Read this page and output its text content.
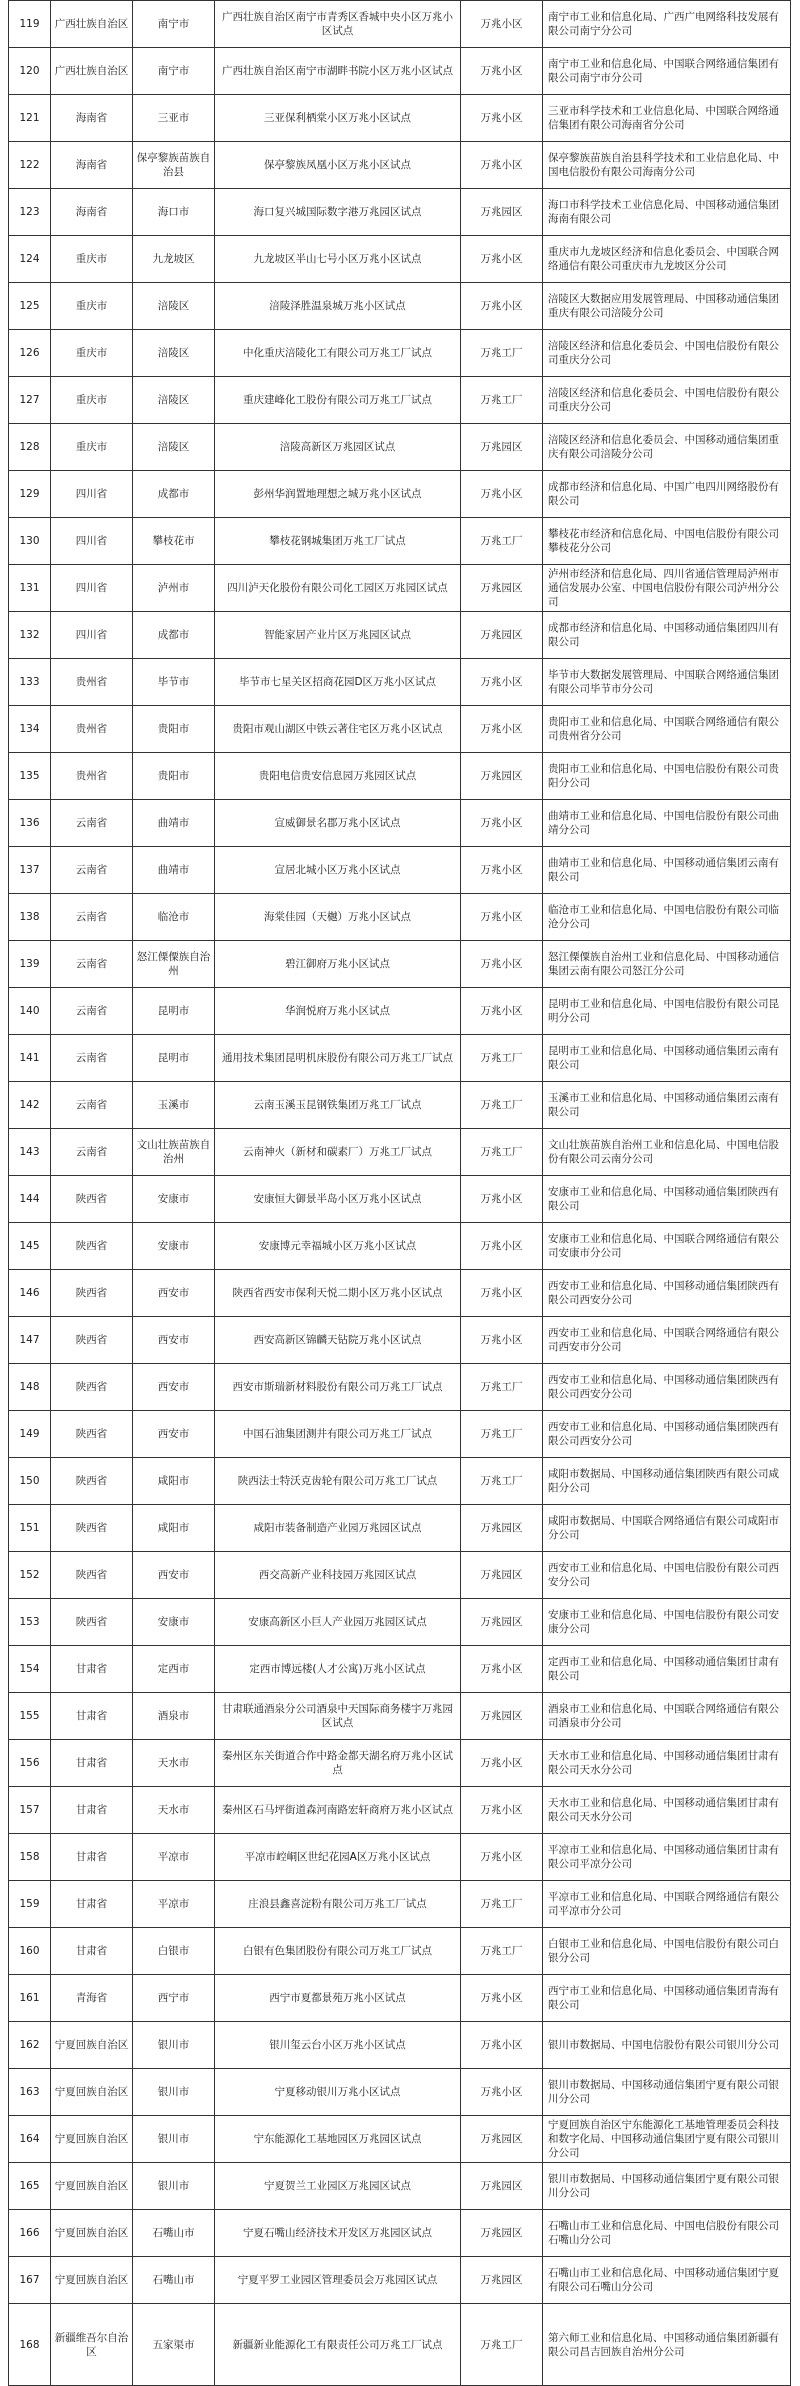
119	广西壮族自治区	南宁市	广西壮族自治区南宁市青秀区香城中央小区万兆小区试点	万兆小区	南宁市工业和信息化局、广西广电网络科技发展有限公司南宁分公司
120	广西壮族自治区	南宁市	广西壮族自治区南宁市湖畔书院小区万兆小区试点	万兆小区	南宁市工业和信息化局、中国联合网络通信集团有限公司南宁市分公司
121	海南省	三亚市	三亚保利栖棠小区万兆小区试点	万兆小区	三亚市科学技术和工业信息化局、中国联合网络通信集团有限公司海南省分公司
122	海南省	保亭黎族苗族自治县	保亭黎族凤凰小区万兆小区试点	万兆小区	保亭黎族苗族自治县科学技术和工业信息化局、中国电信股份有限公司海南分公司
123	海南省	海口市	海口复兴城国际数字港万兆园区试点	万兆园区	海口市科学技术工业信息化局、中国移动通信集团海南有限公司
124	重庆市	九龙坡区	九龙坡区半山七号小区万兆小区试点	万兆小区	重庆市九龙坡区经济和信息化委员会、中国联合网络通信有限公司重庆市九龙坡区分公司
125	重庆市	涪陵区	涪陵泽胜温泉城万兆小区试点	万兆小区	涪陵区大数据应用发展管理局、中国移动通信集团重庆有限公司涪陵分公司
126	重庆市	涪陵区	中化重庆涪陵化工有限公司万兆工厂试点	万兆工厂	涪陵区经济和信息化委员会、中国电信股份有限公司重庆分公司
127	重庆市	涪陵区	重庆建峰化工股份有限公司万兆工厂试点	万兆工厂	涪陵区经济和信息化委员会、中国电信股份有限公司重庆分公司
128	重庆市	涪陵区	涪陵高新区万兆园区试点	万兆园区	涪陵区经济和信息化委员会、中国移动通信集团重庆有限公司涪陵分公司
129	四川省	成都市	彭州华润置地理想之城万兆小区试点	万兆小区	成都市经济和信息化局、中国广电四川网络股份有限公司
130	四川省	攀枝花市	攀枝花钢城集团万兆工厂试点	万兆工厂	攀枝花市经济和信息化局、中国电信股份有限公司攀枝花分公司
131	四川省	泸州市	四川泸天化股份有限公司化工园区万兆园区试点	万兆园区	泸州市经济和信息化局、四川省通信管理局泸州市通信发展办公室、中国电信股份有限公司泸州分公司
132	四川省	成都市	智能家居产业片区万兆园区试点	万兆园区	成都市经济和信息化局、中国移动通信集团四川有限公司
133	贵州省	毕节市	毕节市七星关区招商花园D区万兆小区试点	万兆小区	毕节市大数据发展管理局、中国联合网络通信集团有限公司毕节市分公司
134	贵州省	贵阳市	贵阳市观山湖区中铁云著住宅区万兆小区试点	万兆小区	贵阳市工业和信息化局、中国联合网络通信有限公司贵州省分公司
135	贵州省	贵阳市	贵阳电信贵安信息园万兆园区试点	万兆园区	贵阳市工业和信息化局、中国电信股份有限公司贵阳分公司
136	云南省	曲靖市	宣威御景名郡万兆小区试点	万兆小区	曲靖市工业和信息化局、中国电信股份有限公司曲靖分公司
137	云南省	曲靖市	宣居北城小区万兆小区试点	万兆小区	曲靖市工业和信息化局、中国移动通信集团云南有限公司
138	云南省	临沧市	海棠佳园（天樾）万兆小区试点	万兆小区	临沧市工业和信息化局、中国电信股份有限公司临沧分公司
139	云南省	怒江傈僳族自治州	碧江御府万兆小区试点	万兆小区	怒江傈僳族自治州工业和信息化局、中国移动通信集团云南有限公司怒江分公司
140	云南省	昆明市	华润悦府万兆小区试点	万兆小区	昆明市工业和信息化局、中国电信股份有限公司昆明分公司
141	云南省	昆明市	通用技术集团昆明机床股份有限公司万兆工厂试点	万兆工厂	昆明市工业和信息化局、中国移动通信集团云南有限公司
142	云南省	玉溪市	云南玉溪玉昆钢铁集团万兆工厂试点	万兆工厂	玉溪市工业和信息化局、中国移动通信集团云南有限公司
143	云南省	文山壮族苗族自治州	云南神火（新材和碳素厂）万兆工厂试点	万兆工厂	文山壮族苗族自治州工业和信息化局、中国电信股份有限公司云南分公司
144	陕西省	安康市	安康恒大御景半岛小区万兆小区试点	万兆小区	安康市工业和信息化局、中国移动通信集团陕西有限公司
145	陕西省	安康市	安康博元幸福城小区万兆小区试点	万兆小区	安康市工业和信息化局、中国联合网络通信有限公司安康市分公司
146	陕西省	西安市	陕西省西安市保利天悦二期小区万兆小区试点	万兆小区	西安市工业和信息化局、中国移动通信集团陕西有限公司西安分公司
147	陕西省	西安市	西安高新区锦麟天钻院万兆小区试点	万兆小区	西安市工业和信息化局、中国联合网络通信有限公司西安市分公司
148	陕西省	西安市	西安市斯瑞新材料股份有限公司万兆工厂试点	万兆工厂	西安市工业和信息化局、中国移动通信集团陕西有限公司西安分公司
149	陕西省	西安市	中国石油集团测井有限公司万兆工厂试点	万兆工厂	西安市工业和信息化局、中国移动通信集团陕西有限公司西安分公司
150	陕西省	咸阳市	陕西法士特沃克齿轮有限公司万兆工厂试点	万兆工厂	咸阳市数据局、中国移动通信集团陕西有限公司咸阳分公司
151	陕西省	咸阳市	咸阳市装备制造产业园万兆园区试点	万兆园区	咸阳市数据局、中国联合网络通信有限公司咸阳市分公司
152	陕西省	西安市	西交高新产业科技园万兆园区试点	万兆园区	西安市工业和信息化局、中国电信股份有限公司西安分公司
153	陕西省	安康市	安康高新区小巨人产业园万兆园区试点	万兆园区	安康市工业和信息化局、中国电信股份有限公司安康分公司
154	甘肃省	定西市	定西市博远楼(人才公寓)万兆小区试点	万兆小区	定西市工业和信息化局、中国移动通信集团甘肃有限公司
155	甘肃省	酒泉市	甘肃联通酒泉分公司酒泉中天国际商务楼宇万兆园区试点	万兆园区	酒泉市工业和信息化局、中国联合网络通信有限公司酒泉市分公司
156	甘肃省	天水市	秦州区东关街道合作中路金都天湖名府万兆小区试点	万兆小区	天水市工业和信息化局、中国移动通信集团甘肃有限公司天水分公司
157	甘肃省	天水市	秦州区石马坪街道森河南路宏轩商府万兆小区试点	万兆小区	天水市工业和信息化局、中国移动通信集团甘肃有限公司天水分公司
158	甘肃省	平凉市	平凉市崆峒区世纪花园A区万兆小区试点	万兆小区	平凉市工业和信息化局、中国移动通信集团甘肃有限公司平凉分公司
159	甘肃省	平凉市	庄浪县鑫喜淀粉有限公司万兆工厂试点	万兆工厂	平凉市工业和信息化局、中国联合网络通信有限公司平凉市分公司
160	甘肃省	白银市	白银有色集团股份有限公司万兆工厂试点	万兆工厂	白银市工业和信息化局、中国电信股份有限公司白银分公司
161	青海省	西宁市	西宁市夏都景苑万兆小区试点	万兆小区	西宁市工业和信息化局、中国移动通信集团青海有限公司
162	宁夏回族自治区	银川市	银川玺云台小区万兆小区试点	万兆小区	银川市数据局、中国电信股份有限公司银川分公司
163	宁夏回族自治区	银川市	宁夏移动银川万兆小区试点	万兆小区	银川市数据局、中国移动通信集团宁夏有限公司银川分公司
164	宁夏回族自治区	银川市	宁东能源化工基地园区万兆园区试点	万兆园区	宁夏回族自治区宁东能源化工基地管理委员会科技和数字化局、中国移动通信集团宁夏有限公司银川分公司
165	宁夏回族自治区	银川市	宁夏贺兰工业园区万兆园区试点	万兆园区	银川市数据局、中国移动通信集团宁夏有限公司银川分公司
166	宁夏回族自治区	石嘴山市	宁夏石嘴山经济技术开发区万兆园区试点	万兆园区	石嘴山市工业和信息化局、中国电信股份有限公司石嘴山分公司
167	宁夏回族自治区	石嘴山市	宁夏平罗工业园区管理委员会万兆园区试点	万兆园区	石嘴山市工业和信息化局、中国移动通信集团宁夏有限公司石嘴山分公司
168	新疆维吾尔自治区	五家渠市	新疆新业能源化工有限责任公司万兆工厂试点	万兆工厂	第六师工业和信息化局、中国移动通信集团新疆有限公司昌吉回族自治州分公司
